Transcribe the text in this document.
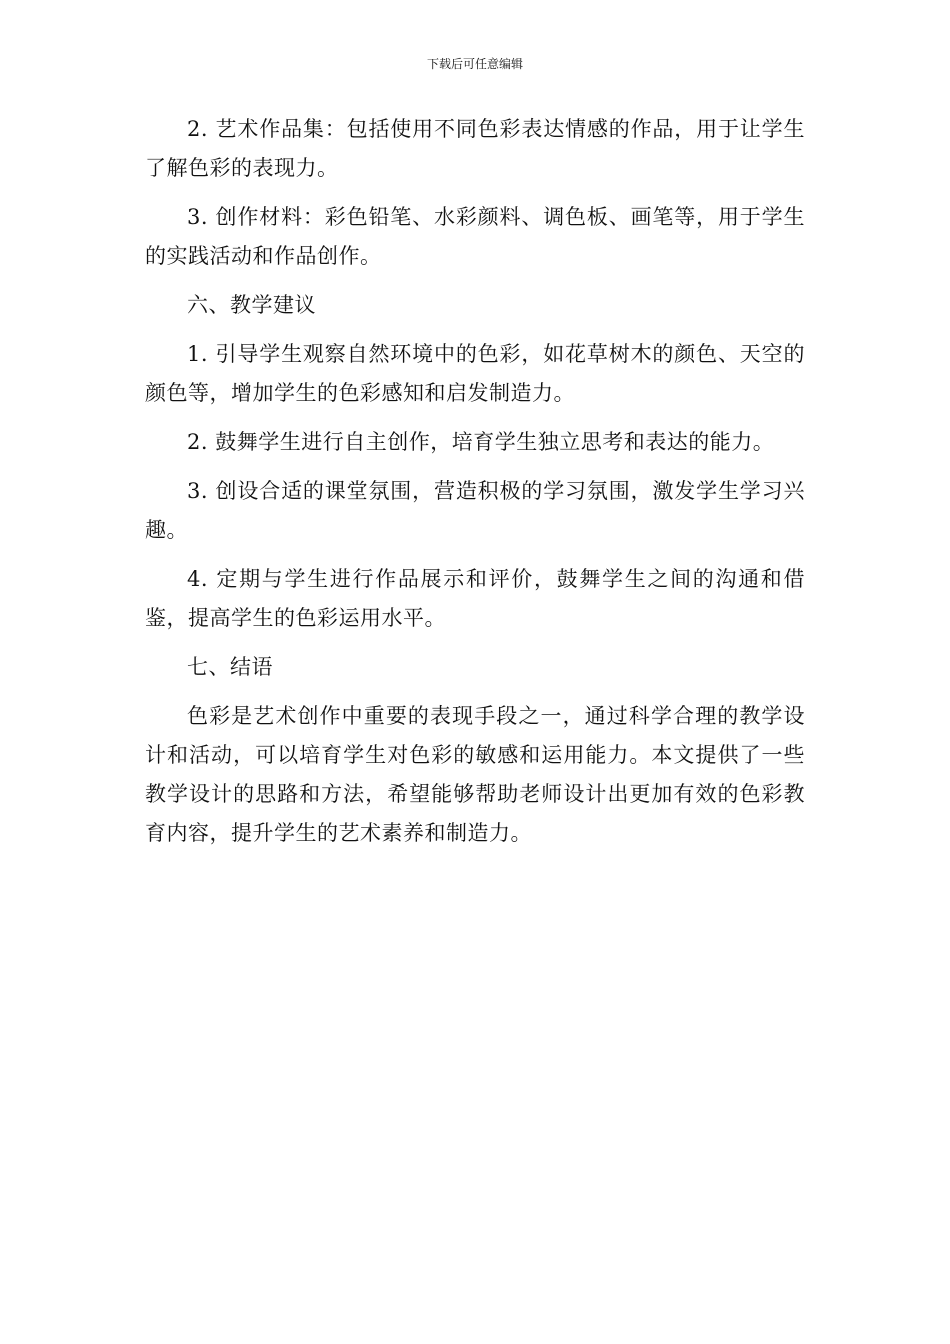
下载后可任意编辑

2. 艺术作品集：包括使用不同色彩表达情感的作品，用于让学生了解色彩的表现力。

3. 创作材料：彩色铅笔、水彩颜料、调色板、画笔等，用于学生的实践活动和作品创作。

六、教学建议

1. 引导学生观察自然环境中的色彩，如花草树木的颜色、天空的颜色等，增加学生的色彩感知和启发制造力。

2. 鼓舞学生进行自主创作，培育学生独立思考和表达的能力。

3. 创设合适的课堂氛围，营造积极的学习氛围，激发学生学习兴趣。

4. 定期与学生进行作品展示和评价，鼓舞学生之间的沟通和借鉴，提高学生的色彩运用水平。

七、结语

色彩是艺术创作中重要的表现手段之一，通过科学合理的教学设计和活动，可以培育学生对色彩的敏感和运用能力。本文提供了一些教学设计的思路和方法，希望能够帮助老师设计出更加有效的色彩教育内容，提升学生的艺术素养和制造力。
